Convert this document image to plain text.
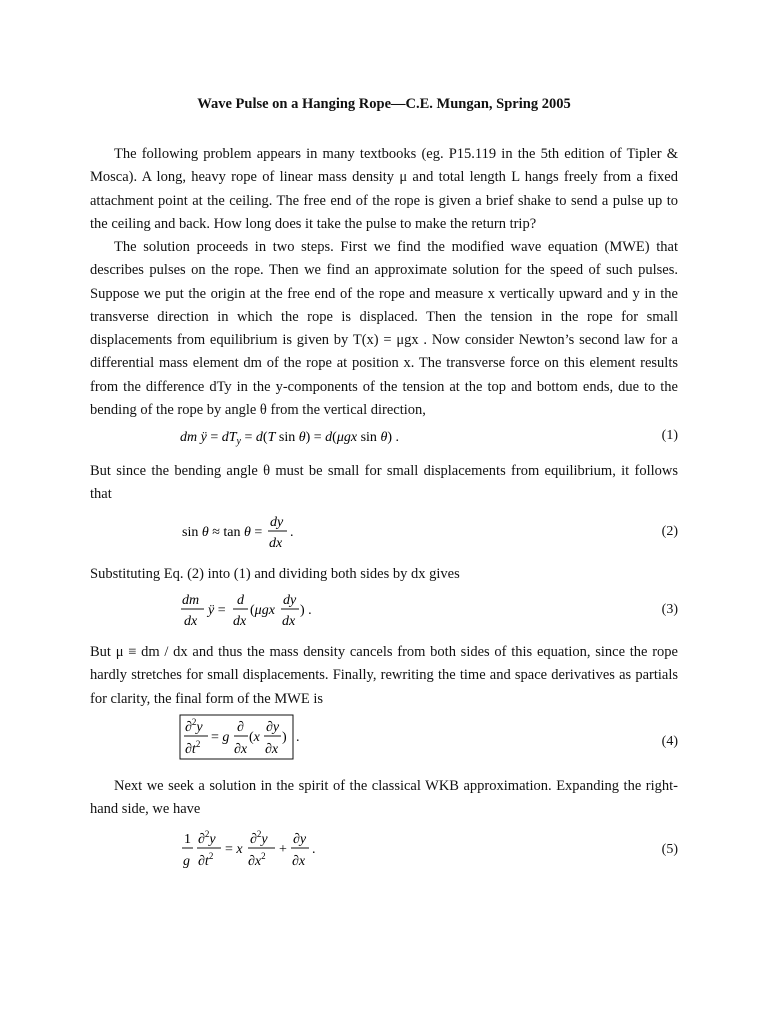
Wave Pulse on a Hanging Rope—C.E. Mungan, Spring 2005
The following problem appears in many textbooks (eg. P15.119 in the 5th edition of Tipler & Mosca). A long, heavy rope of linear mass density μ and total length L hangs freely from a fixed attachment point at the ceiling. The free end of the rope is given a brief shake to send a pulse up to the ceiling and back. How long does it take the pulse to make the return trip?
The solution proceeds in two steps. First we find the modified wave equation (MWE) that describes pulses on the rope. Then we find an approximate solution for the speed of such pulses. Suppose we put the origin at the free end of the rope and measure x vertically upward and y in the transverse direction in which the rope is displaced. Then the tension in the rope for small displacements from equilibrium is given by T(x) = μgx . Now consider Newton’s second law for a differential mass element dm of the rope at position x. The transverse force on this element results from the difference dTy in the y-components of the tension at the top and bottom ends, due to the bending of the rope by angle θ from the vertical direction,
dm ÿ = $dT_y = d(T$ sin θ) = d(μgx sin θ) .	(1)
But since the bending angle θ must be small for small displacements from equilibrium, it follows that
sin θ ≈ tan θ =
dy
dx
.	(2)
Substituting Eq. (2) into (1) and dividing both sides by dx gives
dm
dx
ÿ =
d
dx
(μgx
dy
dx
) .	(3)
But μ ≡ dm / dx and thus the mass density cancels from both sides of this equation, since the rope hardly stretches for small displacements. Finally, rewriting the time and space derivatives as partials for clarity, the final form of the MWE is
∂$^2$y
$\partial t^2 = g$
∂
∂x
(x
∂y
∂x
) .	(4)
Next we seek a solution in the spirit of the classical WKB approximation. Expanding the right-hand side, we have
1
g
∂$^2$y
$\partial t^2 = x$
∂$^2$y
$\partial x^2$ +
∂y
∂x
.	(5)
